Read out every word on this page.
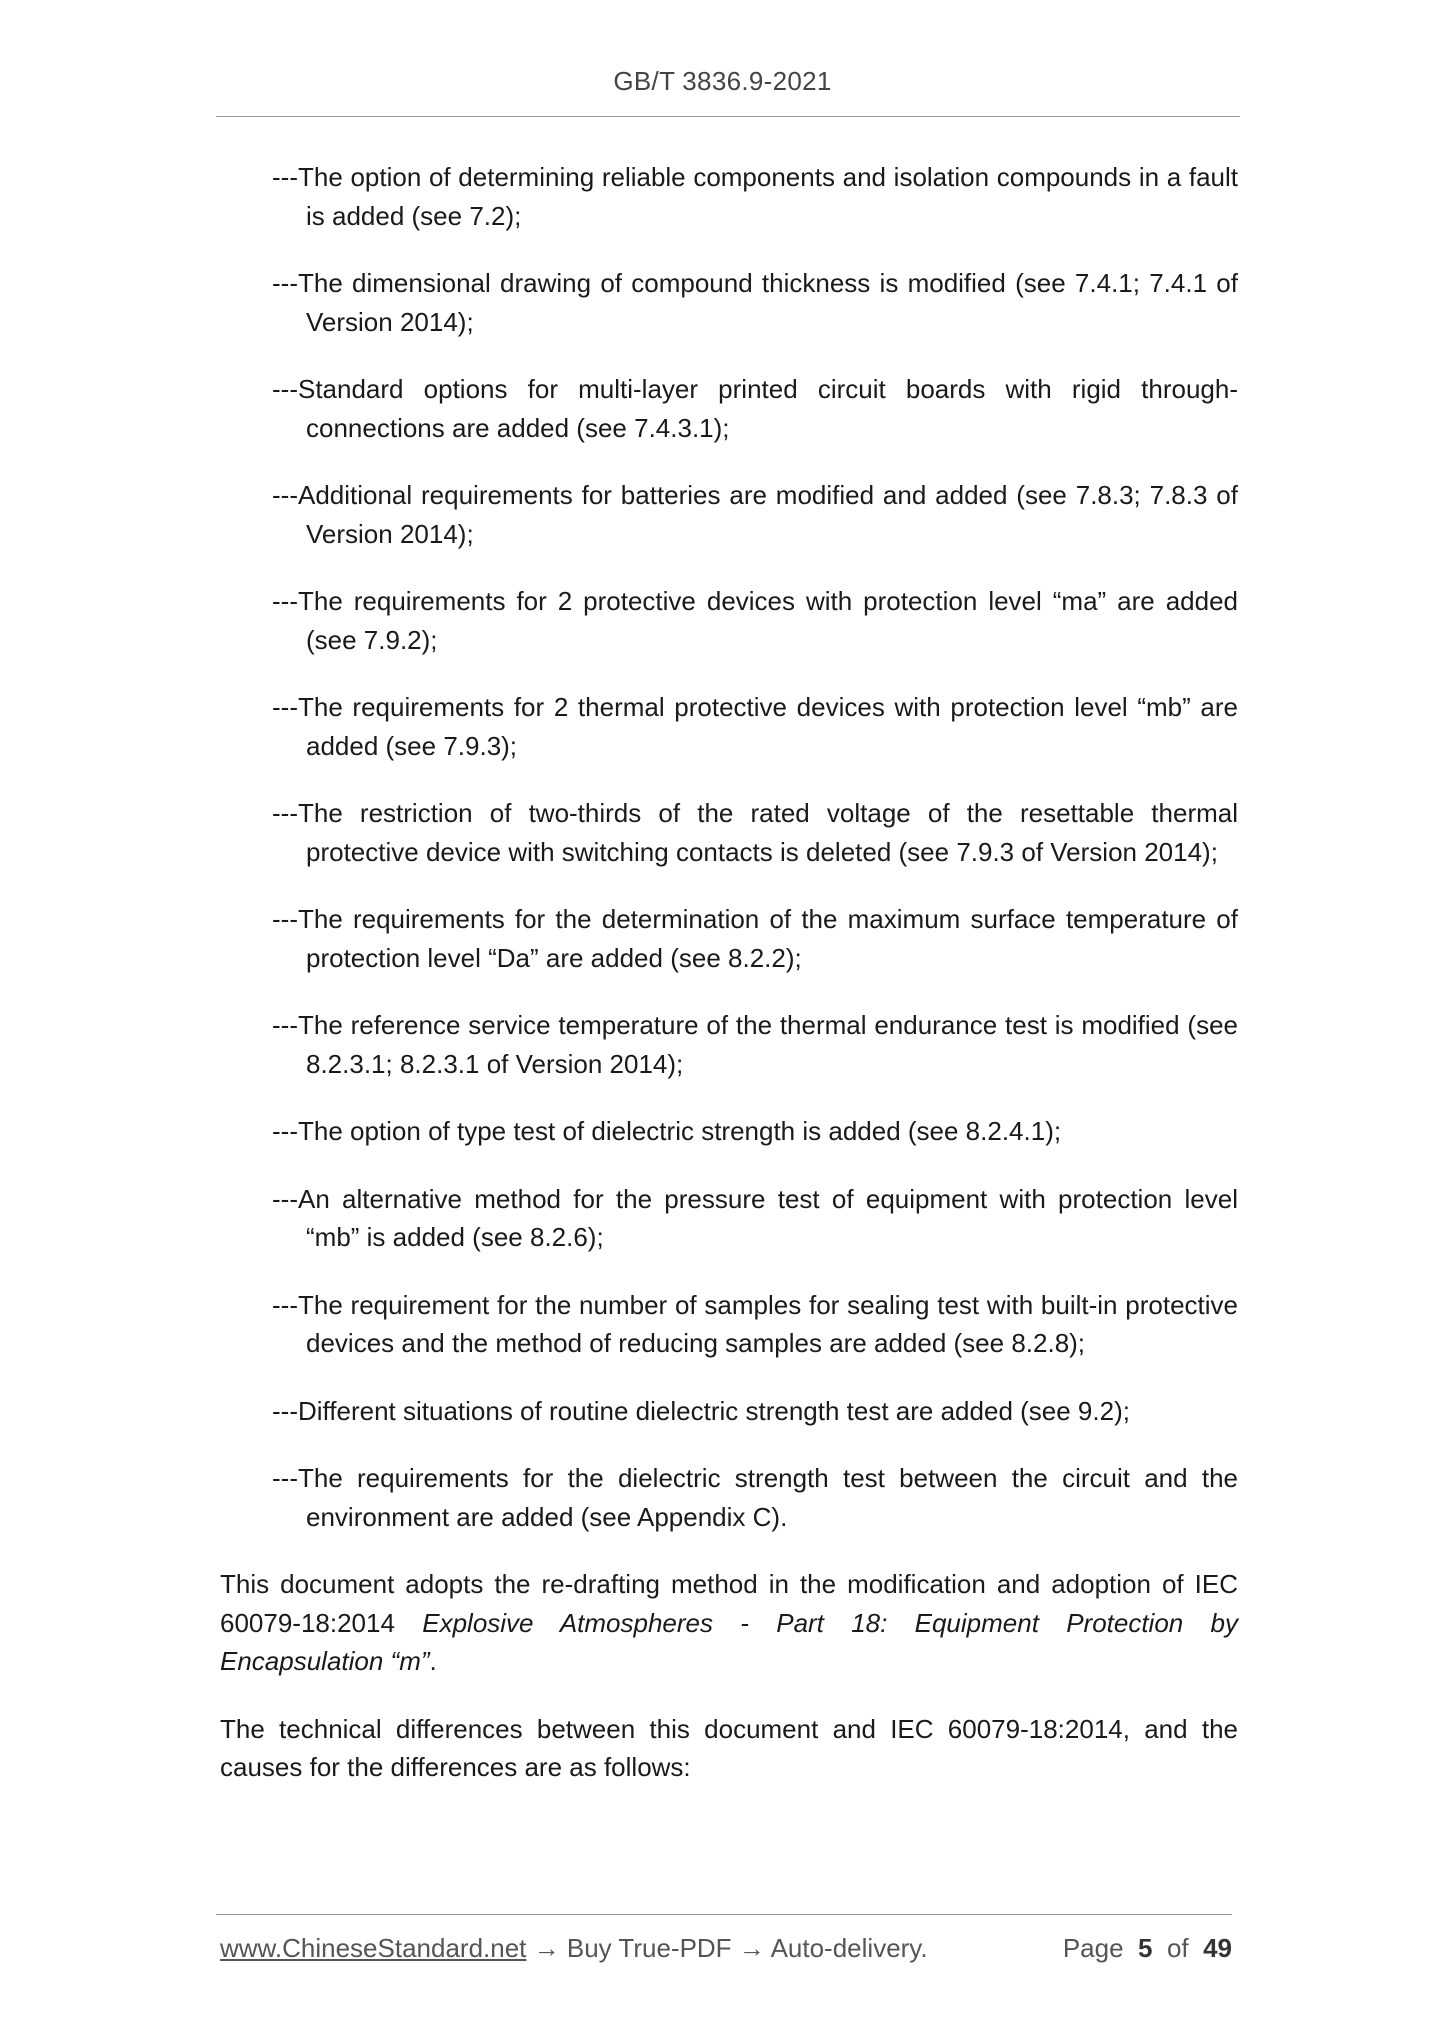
GB/T 3836.9-2021

---The option of determining reliable components and isolation compounds in a fault is added (see 7.2);

---The dimensional drawing of compound thickness is modified (see 7.4.1; 7.4.1 of Version 2014);

---Standard options for multi-layer printed circuit boards with rigid through-connections are added (see 7.4.3.1);

---Additional requirements for batteries are modified and added (see 7.8.3; 7.8.3 of Version 2014);

---The requirements for 2 protective devices with protection level “ma” are added (see 7.9.2);

---The requirements for 2 thermal protective devices with protection level “mb” are added (see 7.9.3);

---The restriction of two-thirds of the rated voltage of the resettable thermal protective device with switching contacts is deleted (see 7.9.3 of Version 2014);

---The requirements for the determination of the maximum surface temperature of protection level “Da” are added (see 8.2.2);

---The reference service temperature of the thermal endurance test is modified (see 8.2.3.1; 8.2.3.1 of Version 2014);

---The option of type test of dielectric strength is added (see 8.2.4.1);

---An alternative method for the pressure test of equipment with protection level “mb” is added (see 8.2.6);

---The requirement for the number of samples for sealing test with built-in protective devices and the method of reducing samples are added (see 8.2.8);

---Different situations of routine dielectric strength test are added (see 9.2);

---The requirements for the dielectric strength test between the circuit and the environment are added (see Appendix C).

This document adopts the re-drafting method in the modification and adoption of IEC 60079-18:2014 Explosive Atmospheres - Part 18: Equipment Protection by Encapsulation “m”.

The technical differences between this document and IEC 60079-18:2014, and the causes for the differences are as follows:

www.ChineseStandard.net → Buy True-PDF → Auto-delivery.	Page 5 of 49
